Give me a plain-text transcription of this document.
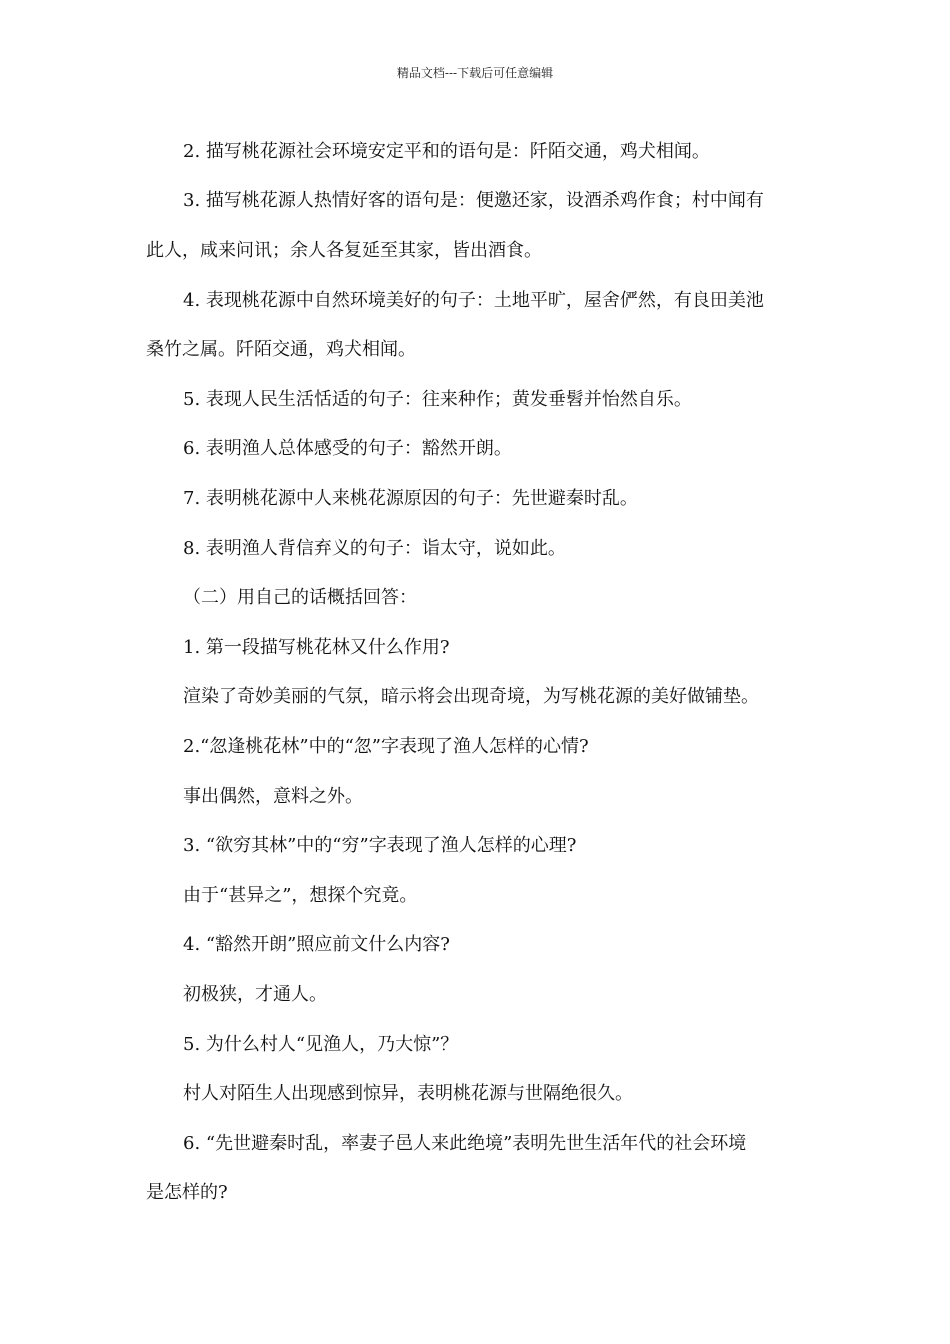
精品文档---下载后可任意编辑
2. 描写桃花源社会环境安定平和的语句是：阡陌交通，鸡犬相闻。
3. 描写桃花源人热情好客的语句是：便邀还家，设酒杀鸡作食；村中闻有
此人，咸来问讯；余人各复延至其家，皆出酒食。
4. 表现桃花源中自然环境美好的句子：土地平旷，屋舍俨然，有良田美池
桑竹之属。阡陌交通，鸡犬相闻。
5. 表现人民生活恬适的句子：往来种作；黄发垂髫并怡然自乐。
6. 表明渔人总体感受的句子：豁然开朗。
7. 表明桃花源中人来桃花源原因的句子：先世避秦时乱。
8. 表明渔人背信弃义的句子：诣太守，说如此。
（二）用自己的话概括回答：
1. 第一段描写桃花林又什么作用?
渲染了奇妙美丽的气氛，暗示将会出现奇境，为写桃花源的美好做铺垫。
2.“忽逢桃花林”中的“忽”字表现了渔人怎样的心情?
事出偶然，意料之外。
3. “欲穷其林”中的“穷”字表现了渔人怎样的心理?
由于“甚异之”，想探个究竟。
4. “豁然开朗”照应前文什么内容?
初极狭，才通人。
5. 为什么村人“见渔人，乃大惊”？
村人对陌生人出现感到惊异，表明桃花源与世隔绝很久。
6. “先世避秦时乱，率妻子邑人来此绝境”表明先世生活年代的社会环境
是怎样的?
